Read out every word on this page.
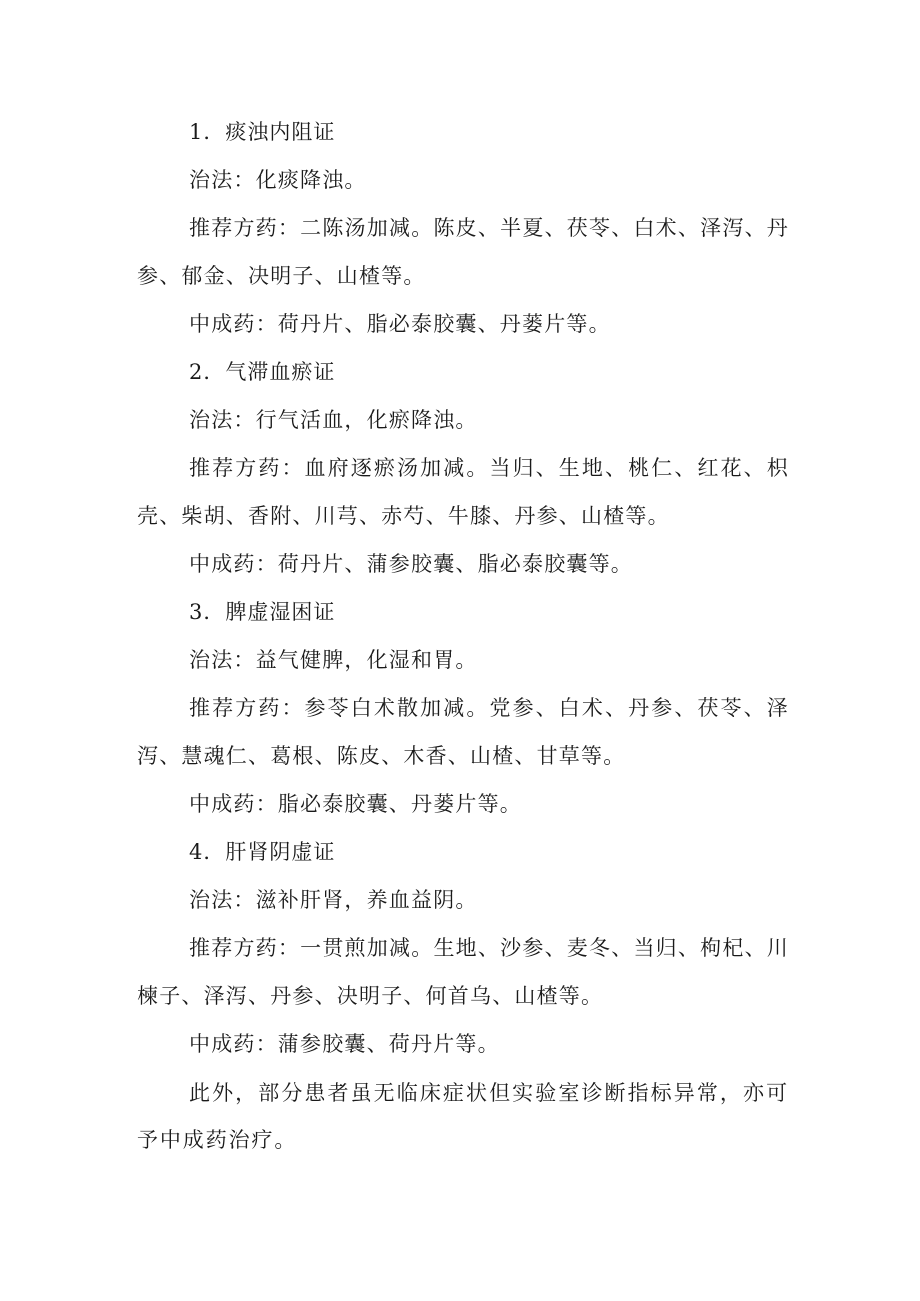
1．痰浊内阻证

治法：化痰降浊。

推荐方药：二陈汤加减。陈皮、半夏、茯苓、白术、泽泻、丹参、郁金、决明子、山楂等。

中成药：荷丹片、脂必泰胶囊、丹蒌片等。

2．气滞血瘀证

治法：行气活血，化瘀降浊。

推荐方药：血府逐瘀汤加减。当归、生地、桃仁、红花、枳壳、柴胡、香附、川芎、赤芍、牛膝、丹参、山楂等。

中成药：荷丹片、蒲参胶囊、脂必泰胶囊等。

3．脾虚湿困证

治法：益气健脾，化湿和胃。

推荐方药：参苓白术散加减。党参、白术、丹参、茯苓、泽泻、慧魂仁、葛根、陈皮、木香、山楂、甘草等。

中成药：脂必泰胶囊、丹蒌片等。

4．肝肾阴虚证

治法：滋补肝肾，养血益阴。

推荐方药：一贯煎加减。生地、沙参、麦冬、当归、枸杞、川楝子、泽泻、丹参、决明子、何首乌、山楂等。

中成药：蒲参胶囊、荷丹片等。

此外，部分患者虽无临床症状但实验室诊断指标异常，亦可予中成药治疗。
